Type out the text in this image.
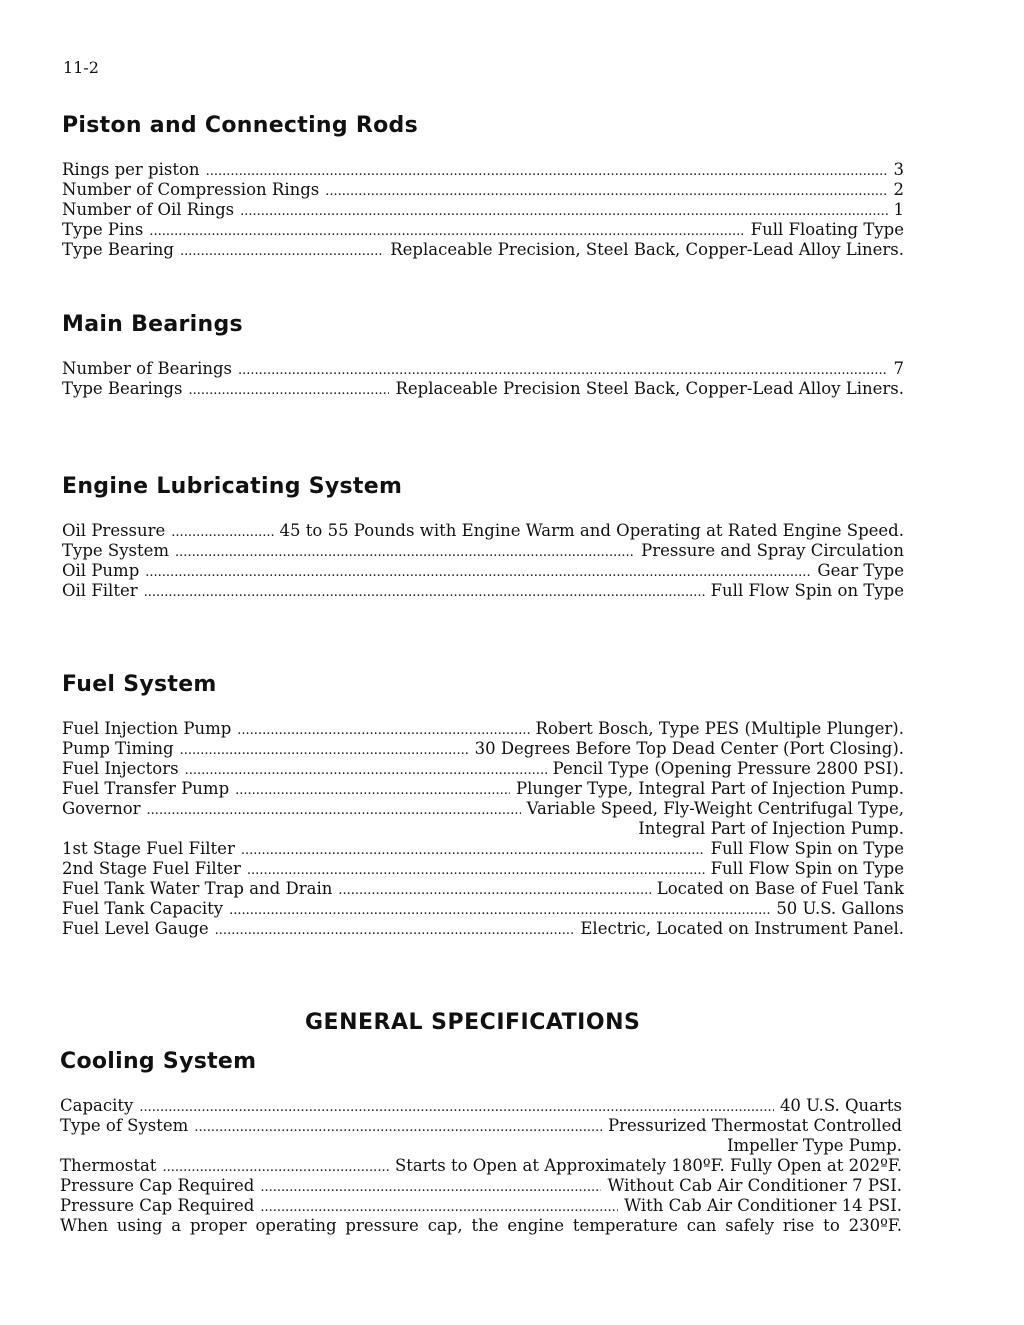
11-2
Piston and Connecting Rods
Rings per piston .....	3
Number of Compression Rings .....	2
Number of Oil Rings .....	1
Type Pins .....	Full Floating Type
Type Bearing .....	Replaceable Precision, Steel Back, Copper-Lead Alloy Liners.
Main Bearings
Number of Bearings .....	7
Type Bearings .....	Replaceable Precision Steel Back, Copper-Lead Alloy Liners.
Engine Lubricating System
Oil Pressure .....	45 to 55 Pounds with Engine Warm and Operating at Rated Engine Speed.
Type System .....	Pressure and Spray Circulation
Oil Pump .....	Gear Type
Oil Filter .....	Full Flow Spin on Type
Fuel System
Fuel Injection Pump .....	Robert Bosch, Type PES (Multiple Plunger).
Pump Timing .....	30 Degrees Before Top Dead Center (Port Closing).
Fuel Injectors .....	Pencil Type (Opening Pressure 2800 PSI).
Fuel Transfer Pump .....	Plunger Type, Integral Part of Injection Pump.
Governor .....	Variable Speed, Fly-Weight Centrifugal Type,
Integral Part of Injection Pump.
1st Stage Fuel Filter .....	Full Flow Spin on Type
2nd Stage Fuel Filter .....	Full Flow Spin on Type
Fuel Tank Water Trap and Drain .....	Located on Base of Fuel Tank
Fuel Tank Capacity .....	50 U.S. Gallons
Fuel Level Gauge .....	Electric, Located on Instrument Panel.
GENERAL SPECIFICATIONS
Cooling System
Capacity .....	40 U.S. Quarts
Type of System .....	Pressurized Thermostat Controlled
Impeller Type Pump.
Thermostat .....	Starts to Open at Approximately 180ºF. Fully Open at 202ºF.
Pressure Cap Required .....	Without Cab Air Conditioner 7 PSI.
Pressure Cap Required .....	With Cab Air Conditioner 14 PSI.
When using a proper operating pressure cap, the engine temperature can safely rise to 230ºF.
